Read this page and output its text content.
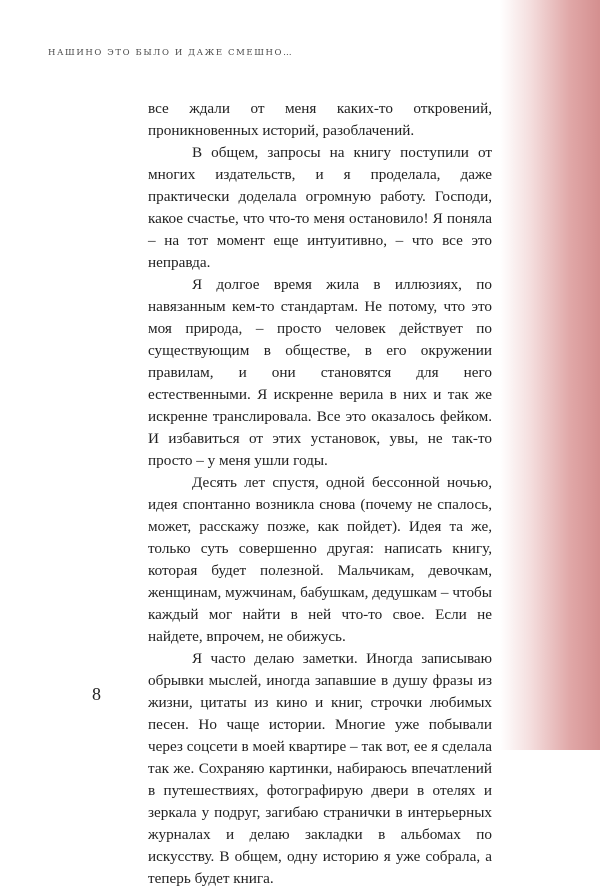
НАШИНО ЭТО БЫЛО И ДАЖЕ СМЕШНО…

все ждали от меня каких-то откровений, проникновенных историй, разоблачений.

В общем, запросы на книгу поступили от многих издательств, и я проделала, даже практически доделала огромную работу. Господи, какое счастье, что что-то меня остановило! Я поняла – на тот момент еще интуитивно, – что все это неправда.

Я долгое время жила в иллюзиях, по навязанным кем-то стандартам. Не потому, что это моя природа, – просто человек действует по существующим в обществе, в его окружении правилам, и они становятся для него естественными. Я искренне верила в них и так же искренне транслировала. Все это оказалось фейком. И избавиться от этих установок, увы, не так-то просто – у меня ушли годы.

Десять лет спустя, одной бессонной ночью, идея спонтанно возникла снова (почему не спалось, может, расскажу позже, как пойдет). Идея та же, только суть совершенно другая: написать книгу, которая будет полезной. Мальчикам, девочкам, женщинам, мужчинам, бабушкам, дедушкам – чтобы каждый мог найти в ней что-то свое. Если не найдете, впрочем, не обижусь.

Я часто делаю заметки. Иногда записываю обрывки мыслей, иногда запавшие в душу фразы из жизни, цитаты из кино и книг, строчки любимых песен. Но чаще истории. Многие уже побывали через соцсети в моей квартире – так вот, ее я сделала так же. Сохраняю картинки, набираюсь впечатлений в путешествиях, фотографирую двери в отелях и зеркала у подруг, загибаю странички в интерьерных журналах и делаю закладки в альбомах по искусству. В общем, одну историю я уже собрала, а теперь будет книга.

8
